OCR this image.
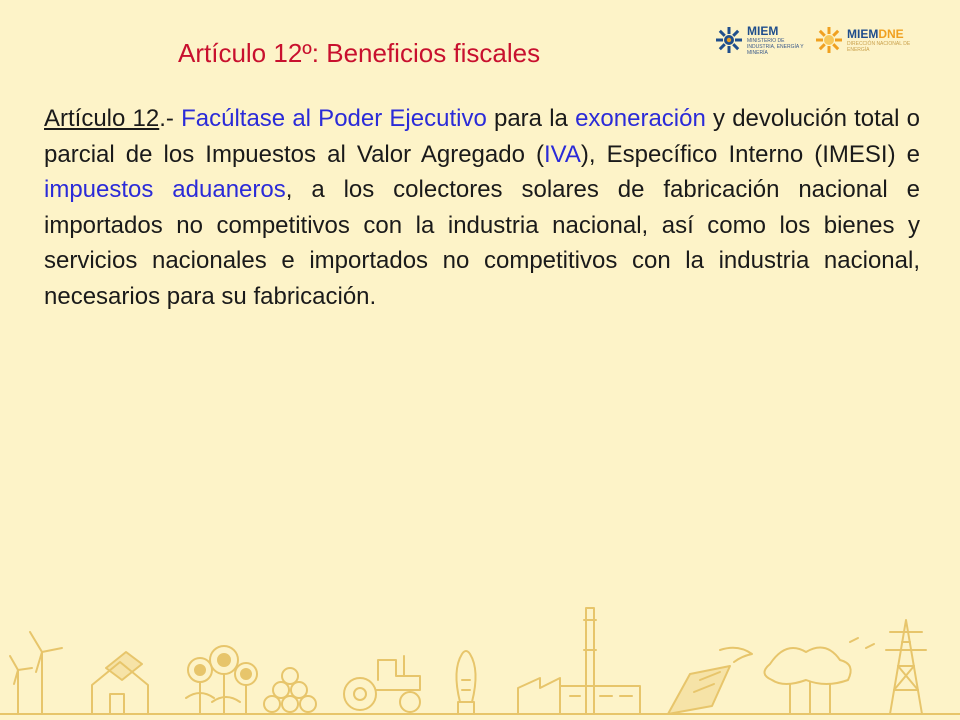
Artículo 12º: Beneficios fiscales
MIEM
MINISTERIO DE INDUSTRIA, ENERGÍA Y MINERÍA
MIEMDNE
DIRECCIÓN NACIONAL DE ENERGÍA
Artículo 12.- Facúltase al Poder Ejecutivo para la exoneración y devolución total o parcial de los Impuestos al Valor Agregado (IVA), Específico Interno (IMESI) e impuestos aduaneros, a los colectores solares de fabricación nacional e importados no competitivos con la industria nacional, así como los bienes y servicios nacionales e importados no competitivos con la industria nacional, necesarios para su fabricación.
